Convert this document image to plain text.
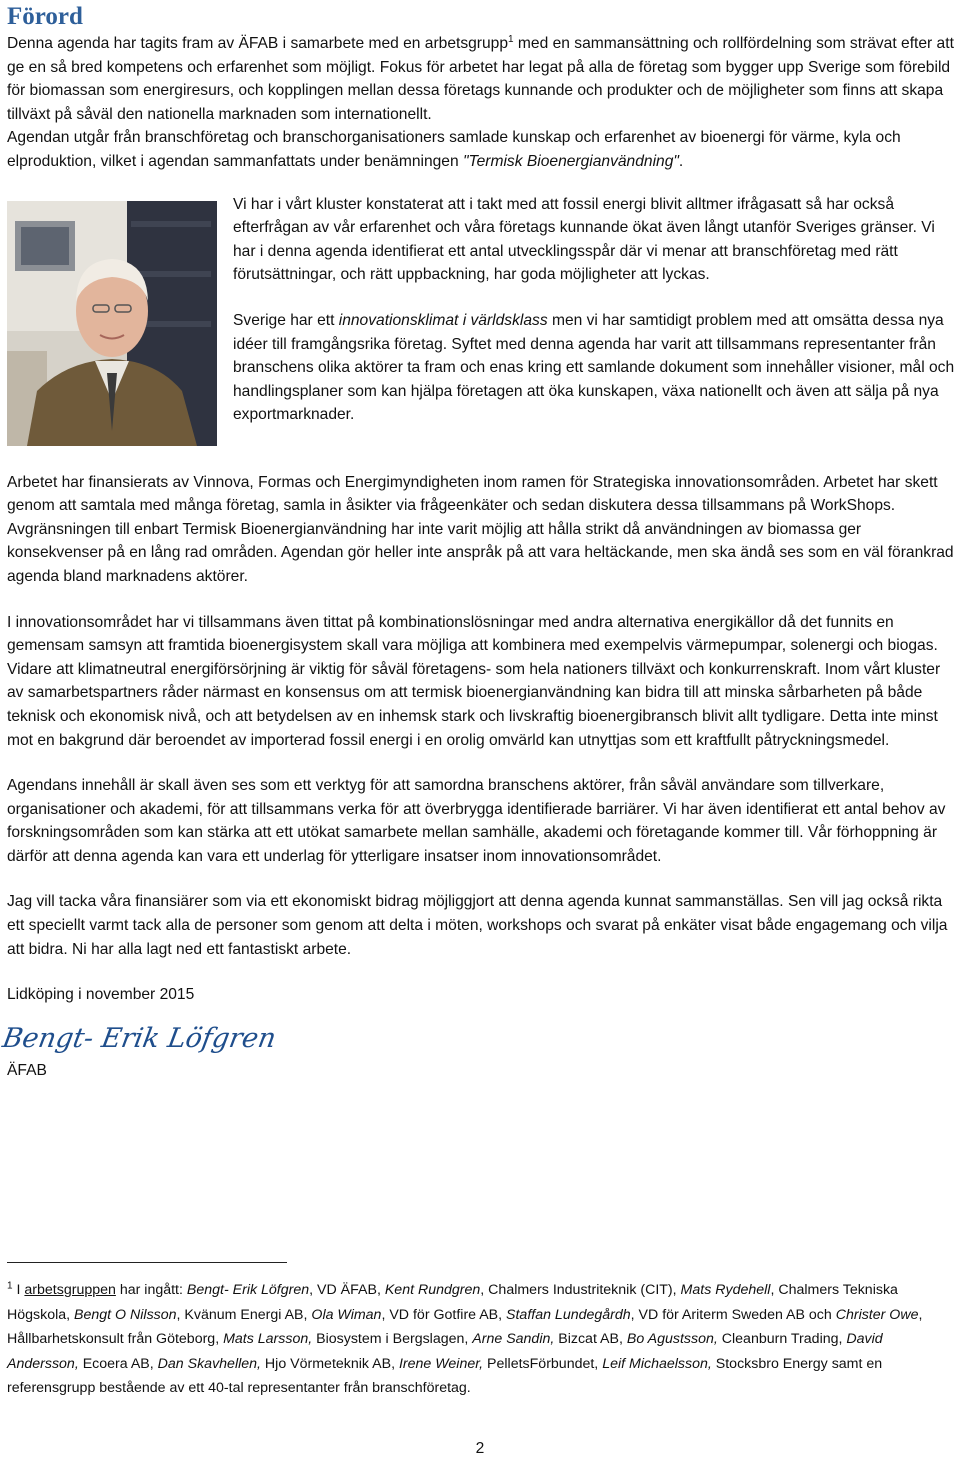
Förord

Denna agenda har tagits fram av ÄFAB i samarbete med en arbetsgrupp$^1$ med en sammansättning och rollfördelning som strävat efter att ge en så bred kompetens och erfarenhet som möjligt. Fokus för arbetet har legat på alla de företag som bygger upp Sverige som förebild för biomassan som energiresurs, och kopplingen mellan dessa företags kunnande och produkter och de möjligheter som finns att skapa tillväxt på såväl den nationella marknaden som internationellt.

Agendan utgår från branschföretag och branschorganisationers samlade kunskap och erfarenhet av bioenergi för värme, kyla och elproduktion, vilket i agendan sammanfattats under benämningen "Termisk Bioenergianvändning".

Vi har i vårt kluster konstaterat att i takt med att fossil energi blivit alltmer ifrågasatt så har också efterfrågan av vår erfarenhet och våra företags kunnande ökat även långt utanför Sveriges gränser. Vi har i denna agenda identifierat ett antal utvecklingsspår där vi menar att branschföretag med rätt förutsättningar, och rätt uppbackning, har goda möjligheter att lyckas.

Sverige har ett innovationsklimat i världsklass men vi har samtidigt problem med att omsätta dessa nya idéer till framgångsrika företag. Syftet med denna agenda har varit att tillsammans representanter från branschens olika aktörer ta fram och enas kring ett samlande dokument som innehåller visioner, mål och handlingsplaner som kan hjälpa företagen att öka kunskapen, växa nationellt och även att sälja på nya exportmarknader.

Arbetet har finansierats av Vinnova, Formas och Energimyndigheten inom ramen för Strategiska innovationsområden. Arbetet har skett genom att samtala med många företag, samla in åsikter via frågeenkäter och sedan diskutera dessa tillsammans på WorkShops. Avgränsningen till enbart Termisk Bioenergianvändning har inte varit möjlig att hålla strikt då användningen av biomassa ger konsekvenser på en lång rad områden. Agendan gör heller inte anspråk på att vara heltäckande, men ska ändå ses som en väl förankrad agenda bland marknadens aktörer.

I innovationsområdet har vi tillsammans även tittat på kombinationslösningar med andra alternativa energikällor då det funnits en gemensam samsyn att framtida bioenergisystem skall vara möjliga att kombinera med exempelvis värmepumpar, solenergi och biogas. Vidare att klimatneutral energiförsörjning är viktig för såväl företagens- som hela nationers tillväxt och konkurrenskraft. Inom vårt kluster av samarbetspartners råder närmast en konsensus om att termisk bioenergianvändning kan bidra till att minska sårbarheten på både teknisk och ekonomisk nivå, och att betydelsen av en inhemsk stark och livskraftig bioenergibransch blivit allt tydligare. Detta inte minst mot en bakgrund där beroendet av importerad fossil energi i en orolig omvärld kan utnyttjas som ett kraftfullt påtryckningsmedel.

Agendans innehåll är skall även ses som ett verktyg för att samordna branschens aktörer, från såväl användare som tillverkare, organisationer och akademi, för att tillsammans verka för att överbrygga identifierade barriärer. Vi har även identifierat ett antal behov av forskningsområden som kan stärka att ett utökat samarbete mellan samhälle, akademi och företagande kommer till. Vår förhoppning är därför att denna agenda kan vara ett underlag för ytterligare insatser inom innovationsområdet.

Jag vill tacka våra finansiärer som via ett ekonomiskt bidrag möjliggjort att denna agenda kunnat sammanställas. Sen vill jag också rikta ett speciellt varmt tack alla de personer som genom att delta i möten, workshops och svarat på enkäter visat både engagemang och vilja att bidra. Ni har alla lagt ned ett fantastiskt arbete.

Lidköping i november 2015

Bengt- Erik Löfgren

ÄFAB

$^1$ I arbetsgruppen har ingått: Bengt- Erik Löfgren, VD ÄFAB, Kent Rundgren, Chalmers Industriteknik (CIT), Mats Rydehell, Chalmers Tekniska Högskola, Bengt O Nilsson, Kvänum Energi AB, Ola Wiman, VD för Gotfire AB, Staffan Lundegårdh, VD för Ariterm Sweden AB och Christer Owe, Hållbarhetskonsult från Göteborg, Mats Larsson, Biosystem i Bergslagen, Arne Sandin, Bizcat AB, Bo Agustsson, Cleanburn Trading, David Andersson, Ecoera AB, Dan Skavhellen, Hjo Vörmeteknik AB, Irene Weiner, PelletsFörbundet, Leif Michaelsson, Stocksbro Energy samt en referensgrupp bestående av ett 40-tal representanter från branschföretag.
2
